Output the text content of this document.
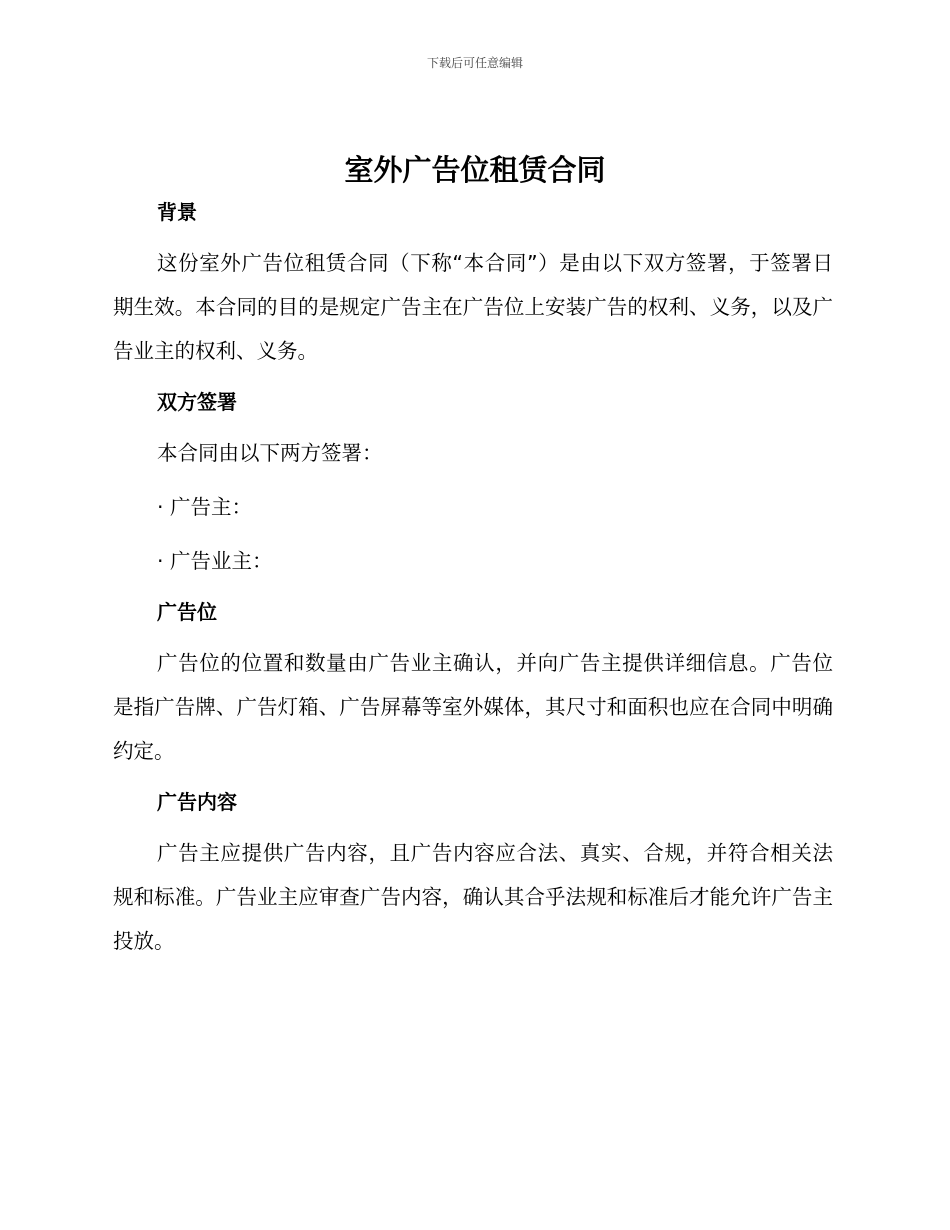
下载后可任意编辑
室外广告位租赁合同
背景

这份室外广告位租赁合同（下称“本合同”）是由以下双方签署，于签署日期生效。本合同的目的是规定广告主在广告位上安装广告的权利、义务，以及广告业主的权利、义务。

双方签署

本合同由以下两方签署：

· 广告主：

· 广告业主：

广告位

广告位的位置和数量由广告业主确认，并向广告主提供详细信息。广告位是指广告牌、广告灯箱、广告屏幕等室外媒体，其尺寸和面积也应在合同中明确约定。

广告内容

广告主应提供广告内容，且广告内容应合法、真实、合规，并符合相关法规和标准。广告业主应审查广告内容，确认其合乎法规和标准后才能允许广告主投放。
